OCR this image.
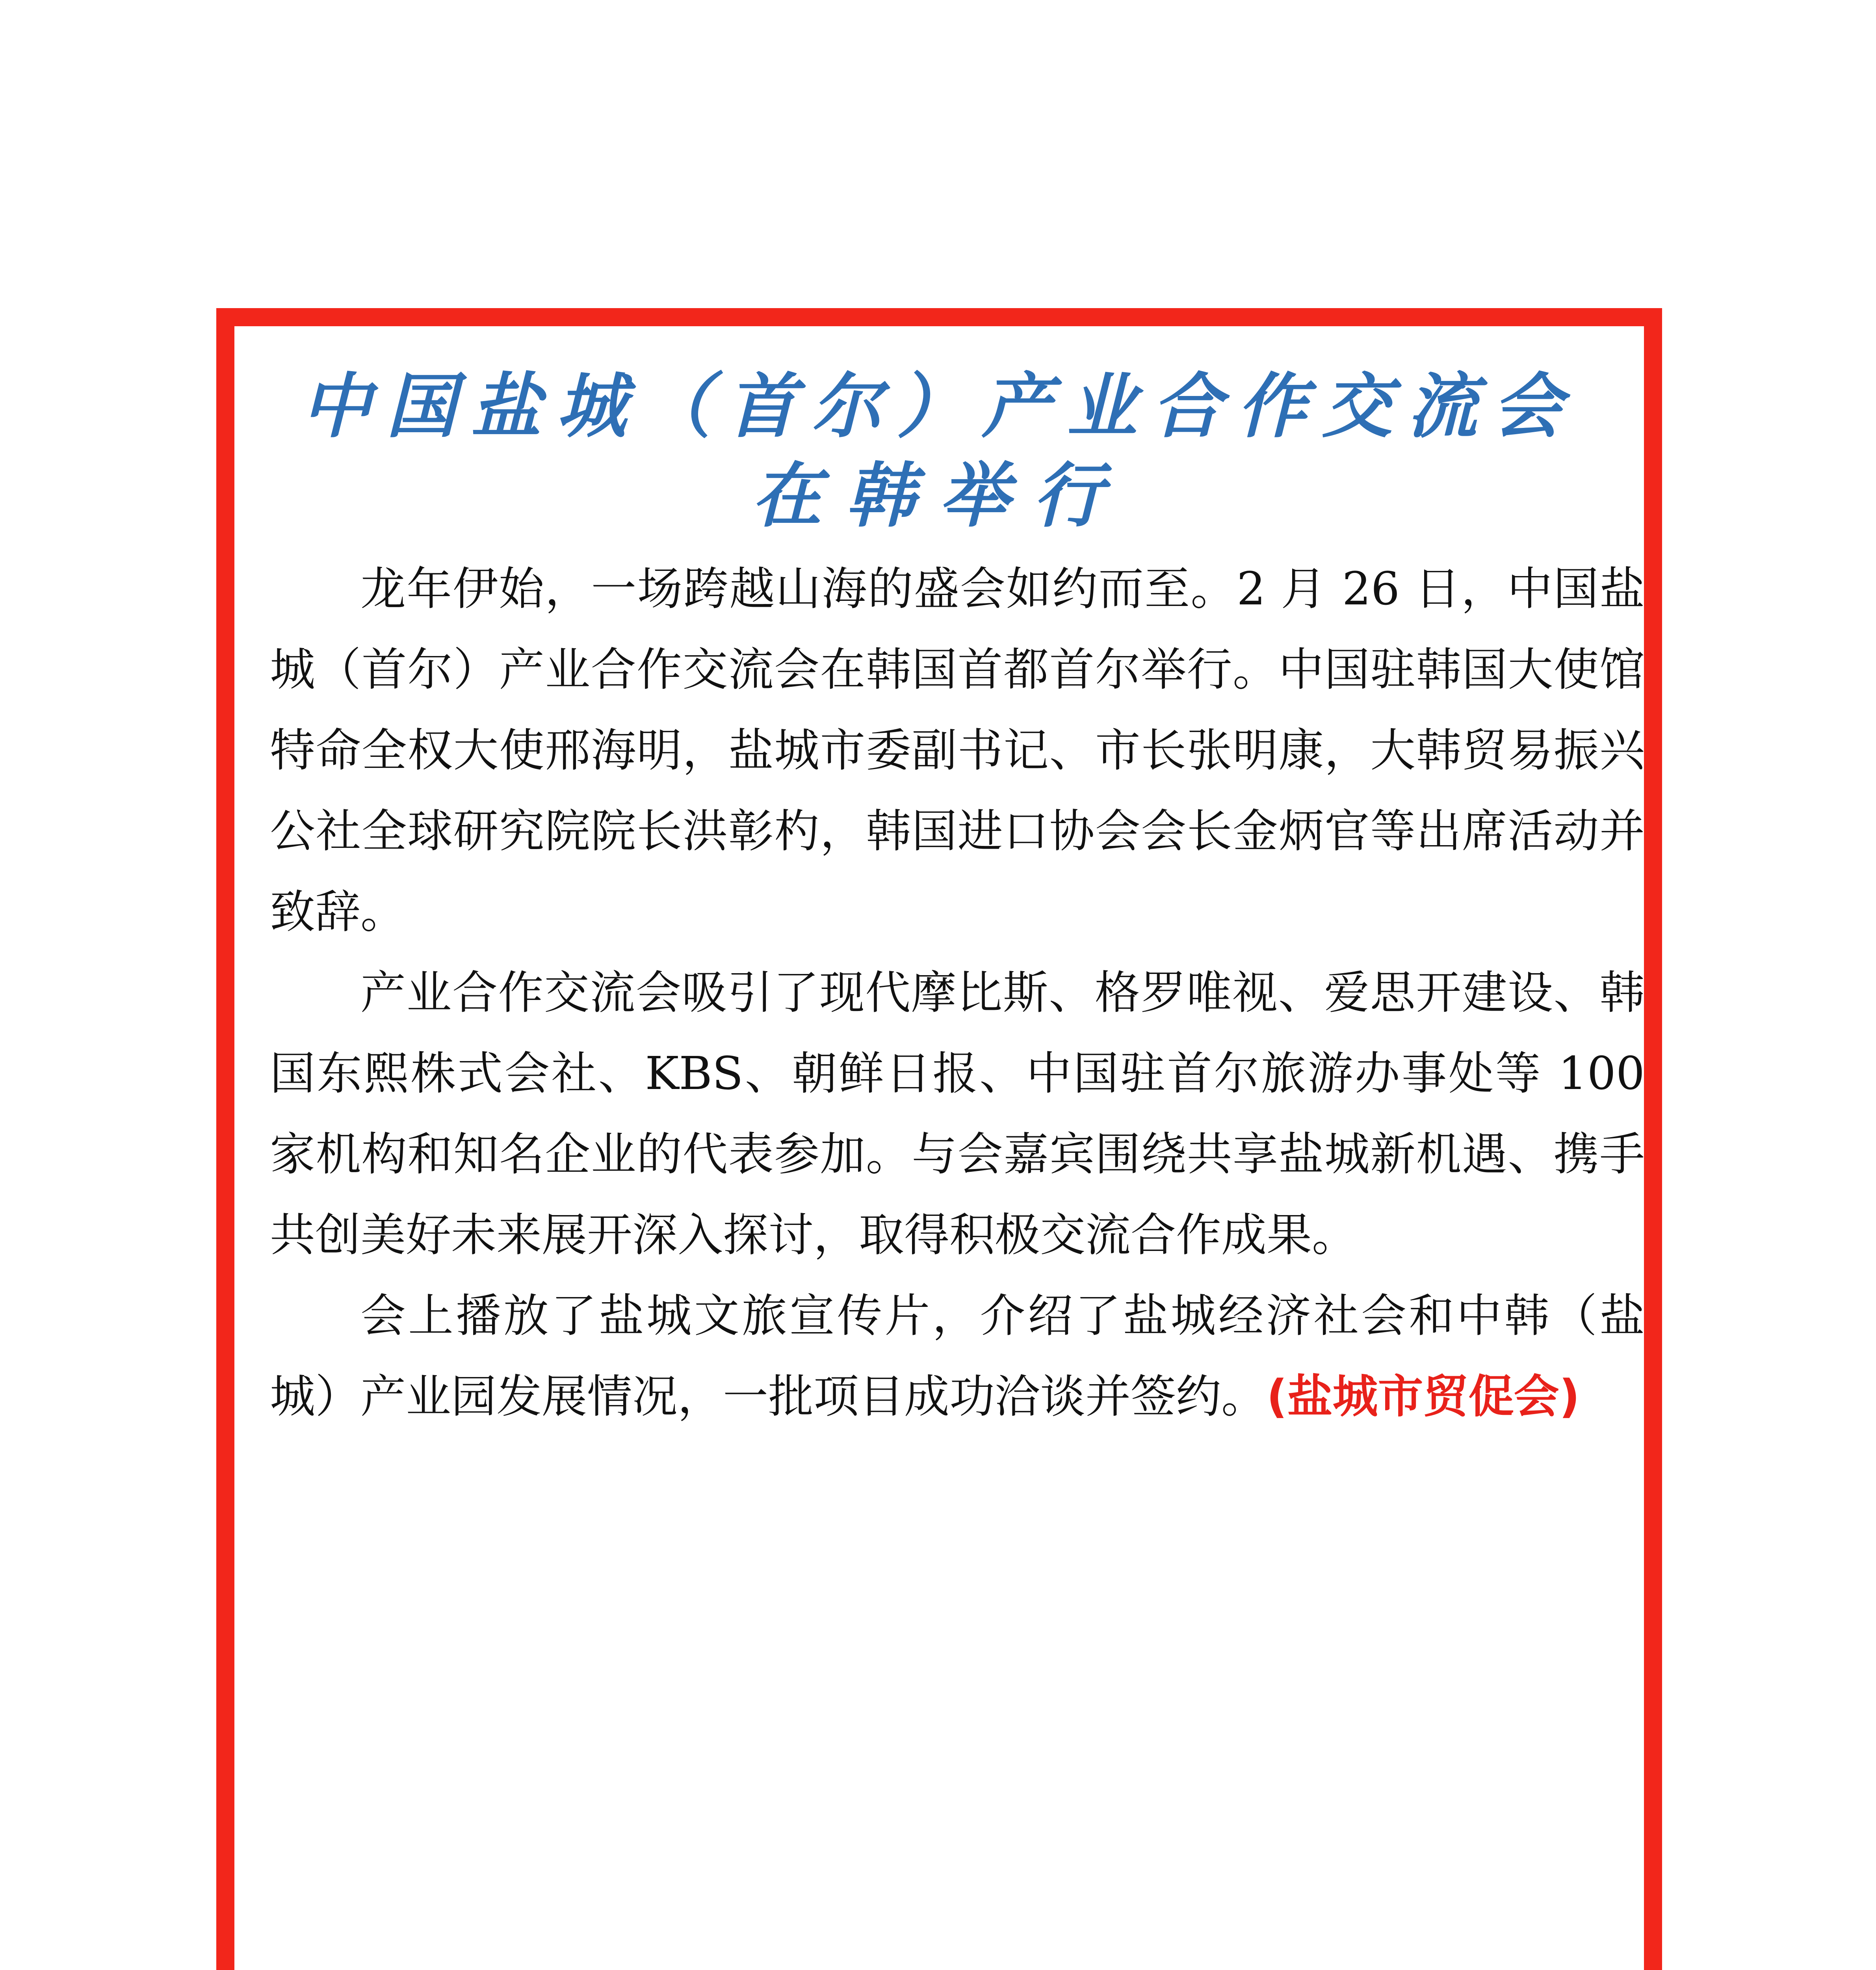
中国盐城（首尔）产业合作交流会
在韩举行

龙年伊始，一场跨越山海的盛会如约而至。2 月 26 日，中国盐城（首尔）产业合作交流会在韩国首都首尔举行。中国驻韩国大使馆特命全权大使邢海明，盐城市委副书记、市长张明康，大韩贸易振兴公社全球研究院院长洪彰杓，韩国进口协会会长金炳官等出席活动并致辞。

产业合作交流会吸引了现代摩比斯、格罗唯视、爱思开建设、韩国东熙株式会社、KBS、朝鲜日报、中国驻首尔旅游办事处等 100 家机构和知名企业的代表参加。与会嘉宾围绕共享盐城新机遇、携手共创美好未来展开深入探讨，取得积极交流合作成果。

会上播放了盐城文旅宣传片，介绍了盐城经济社会和中韩（盐城）产业园发展情况，一批项目成功洽谈并签约。(盐城市贸促会)
